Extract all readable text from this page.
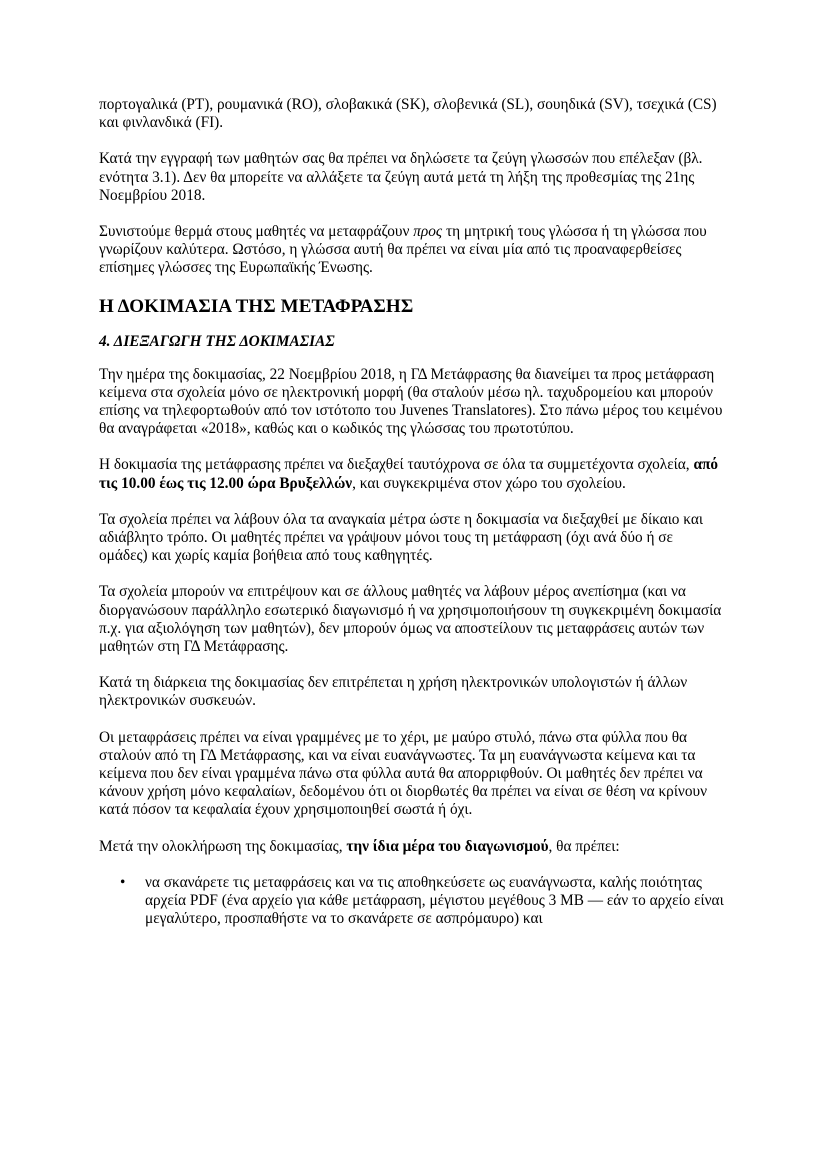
πορτογαλικά (PT), ρουμανικά (RO), σλοβακικά (SK), σλοβενικά (SL), σουηδικά (SV), τσεχικά (CS) και φινλανδικά (FI).

Κατά την εγγραφή των μαθητών σας θα πρέπει να δηλώσετε τα ζεύγη γλωσσών που επέλεξαν (βλ. ενότητα 3.1). Δεν θα μπορείτε να αλλάξετε τα ζεύγη αυτά μετά τη λήξη της προθεσμίας της 21ης Νοεμβρίου 2018.

Συνιστούμε θερμά στους μαθητές να μεταφράζουν προς τη μητρική τους γλώσσα ή τη γλώσσα που γνωρίζουν καλύτερα. Ωστόσο, η γλώσσα αυτή θα πρέπει να είναι μία από τις προαναφερθείσες επίσημες γλώσσες της Ευρωπαϊκής Ένωσης.

Η ΔΟΚΙΜΑΣΙΑ ΤΗΣ ΜΕΤΑΦΡΑΣΗΣ
4. ΔΙΕΞΑΓΩΓΗ ΤΗΣ ΔΟΚΙΜΑΣΙΑΣ

Την ημέρα της δοκιμασίας, 22 Νοεμβρίου 2018, η ΓΔ Μετάφρασης θα διανείμει τα προς μετάφραση κείμενα στα σχολεία μόνο σε ηλεκτρονική μορφή (θα σταλούν μέσω ηλ. ταχυδρομείου και μπορούν επίσης να τηλεφορτωθούν από τον ιστότοπο του Juvenes Translatores). Στο πάνω μέρος του κειμένου θα αναγράφεται «2018», καθώς και ο κωδικός της γλώσσας του πρωτοτύπου.

Η δοκιμασία της μετάφρασης πρέπει να διεξαχθεί ταυτόχρονα σε όλα τα συμμετέχοντα σχολεία, από τις 10.00 έως τις 12.00 ώρα Βρυξελλών, και συγκεκριμένα στον χώρο του σχολείου.

Τα σχολεία πρέπει να λάβουν όλα τα αναγκαία μέτρα ώστε η δοκιμασία να διεξαχθεί με δίκαιο και αδιάβλητο τρόπο. Οι μαθητές πρέπει να γράψουν μόνοι τους τη μετάφραση (όχι ανά δύο ή σε ομάδες) και χωρίς καμία βοήθεια από τους καθηγητές.

Τα σχολεία μπορούν να επιτρέψουν και σε άλλους μαθητές να λάβουν μέρος ανεπίσημα (και να διοργανώσουν παράλληλο εσωτερικό διαγωνισμό ή να χρησιμοποιήσουν τη συγκεκριμένη δοκιμασία π.χ. για αξιολόγηση των μαθητών), δεν μπορούν όμως να αποστείλουν τις μεταφράσεις αυτών των μαθητών στη ΓΔ Μετάφρασης.

Κατά τη διάρκεια της δοκιμασίας δεν επιτρέπεται η χρήση ηλεκτρονικών υπολογιστών ή άλλων ηλεκτρονικών συσκευών.

Οι μεταφράσεις πρέπει να είναι γραμμένες με το χέρι, με μαύρο στυλό, πάνω στα φύλλα που θα σταλούν από τη ΓΔ Μετάφρασης, και να είναι ευανάγνωστες. Τα μη ευανάγνωστα κείμενα και τα κείμενα που δεν είναι γραμμένα πάνω στα φύλλα αυτά θα απορριφθούν. Οι μαθητές δεν πρέπει να κάνουν χρήση μόνο κεφαλαίων, δεδομένου ότι οι διορθωτές θα πρέπει να είναι σε θέση να κρίνουν κατά πόσον τα κεφαλαία έχουν χρησιμοποιηθεί σωστά ή όχι.

Μετά την ολοκλήρωση της δοκιμασίας, την ίδια μέρα του διαγωνισμού, θα πρέπει:

• να σκανάρετε τις μεταφράσεις και να τις αποθηκεύσετε ως ευανάγνωστα, καλής ποιότητας αρχεία PDF (ένα αρχείο για κάθε μετάφραση, μέγιστου μεγέθους 3 MB — εάν το αρχείο είναι μεγαλύτερο, προσπαθήστε να το σκανάρετε σε ασπρόμαυρο) και
